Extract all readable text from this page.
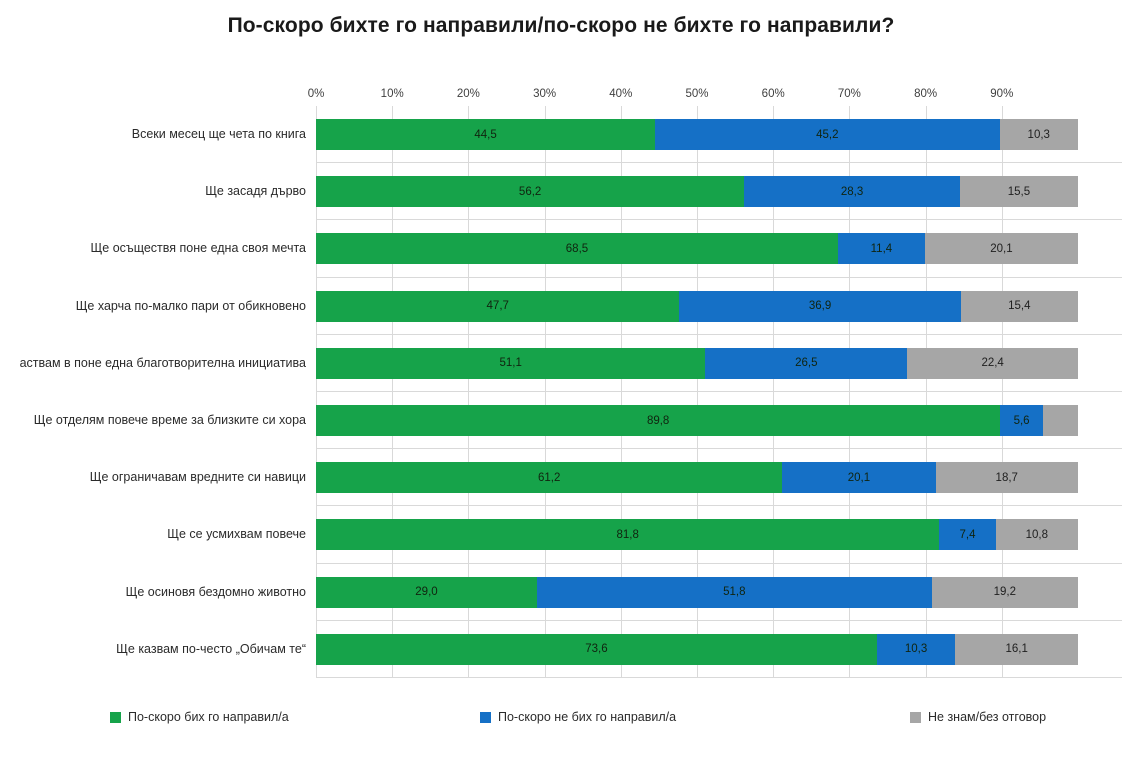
По-скоро бихте го направили/по-скоро не бихте го направили?
0%	10%	20%	30%	40%	50%	60%	70%	80%	90%
Всеки месец ще чета по книга	44,5	45,2	10,3
Ще засадя дърво	56,2	28,3	15,5
Ще осъществя поне една своя мечта	68,5	11,4	20,1
Ще харча по-малко пари от обикновено	47,7	36,9	15,4
аствам в поне една благотворителна инициатива	51,1	26,5	22,4
Ще отделям повече време за близките си хора	89,8	5,6
Ще ограничавам вредните си навици	61,2	20,1	18,7
Ще се усмихвам повече	81,8	7,4	10,8
Ще осиновя бездомно животно	29,0	51,8	19,2
Ще казвам по-често „Обичам те“	73,6	10,3	16,1
По-скоро бих го направил/а	По-скоро не бих го направил/а	Не знам/без отговор
